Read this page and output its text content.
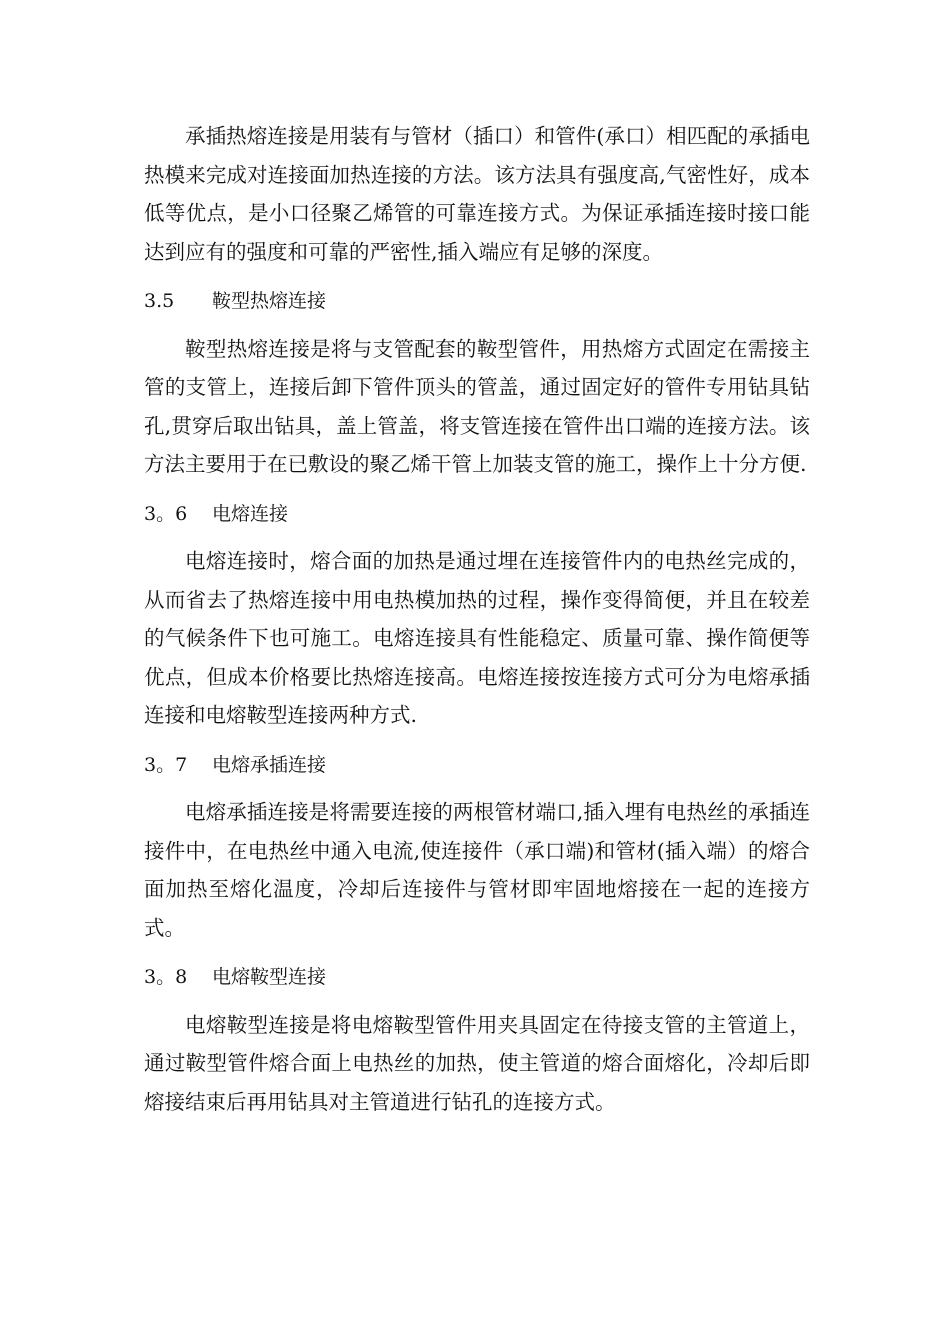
承插热熔连接是用装有与管材（插口）和管件(承口）相匹配的承插电热模来完成对连接面加热连接的方法。该方法具有强度高,气密性好，成本低等优点，是小口径聚乙烯管的可靠连接方式。为保证承插连接时接口能达到应有的强度和可靠的严密性,插入端应有足够的深度。

3.5 鞍型热熔连接

鞍型热熔连接是将与支管配套的鞍型管件，用热熔方式固定在需接主管的支管上，连接后卸下管件顶头的管盖，通过固定好的管件专用钻具钻孔,贯穿后取出钻具，盖上管盖，将支管连接在管件出口端的连接方法。该方法主要用于在已敷设的聚乙烯干管上加装支管的施工，操作上十分方便.

3。6 电熔连接

电熔连接时，熔合面的加热是通过埋在连接管件内的电热丝完成的，从而省去了热熔连接中用电热模加热的过程，操作变得简便，并且在较差的气候条件下也可施工。电熔连接具有性能稳定、质量可靠、操作简便等优点，但成本价格要比热熔连接高。电熔连接按连接方式可分为电熔承插连接和电熔鞍型连接两种方式.

3。7 电熔承插连接

电熔承插连接是将需要连接的两根管材端口,插入埋有电热丝的承插连接件中，在电热丝中通入电流,使连接件（承口端)和管材(插入端）的熔合面加热至熔化温度，冷却后连接件与管材即牢固地熔接在一起的连接方式。

3。8 电熔鞍型连接

电熔鞍型连接是将电熔鞍型管件用夹具固定在待接支管的主管道上，通过鞍型管件熔合面上电热丝的加热，使主管道的熔合面熔化，冷却后即熔接结束后再用钻具对主管道进行钻孔的连接方式。
